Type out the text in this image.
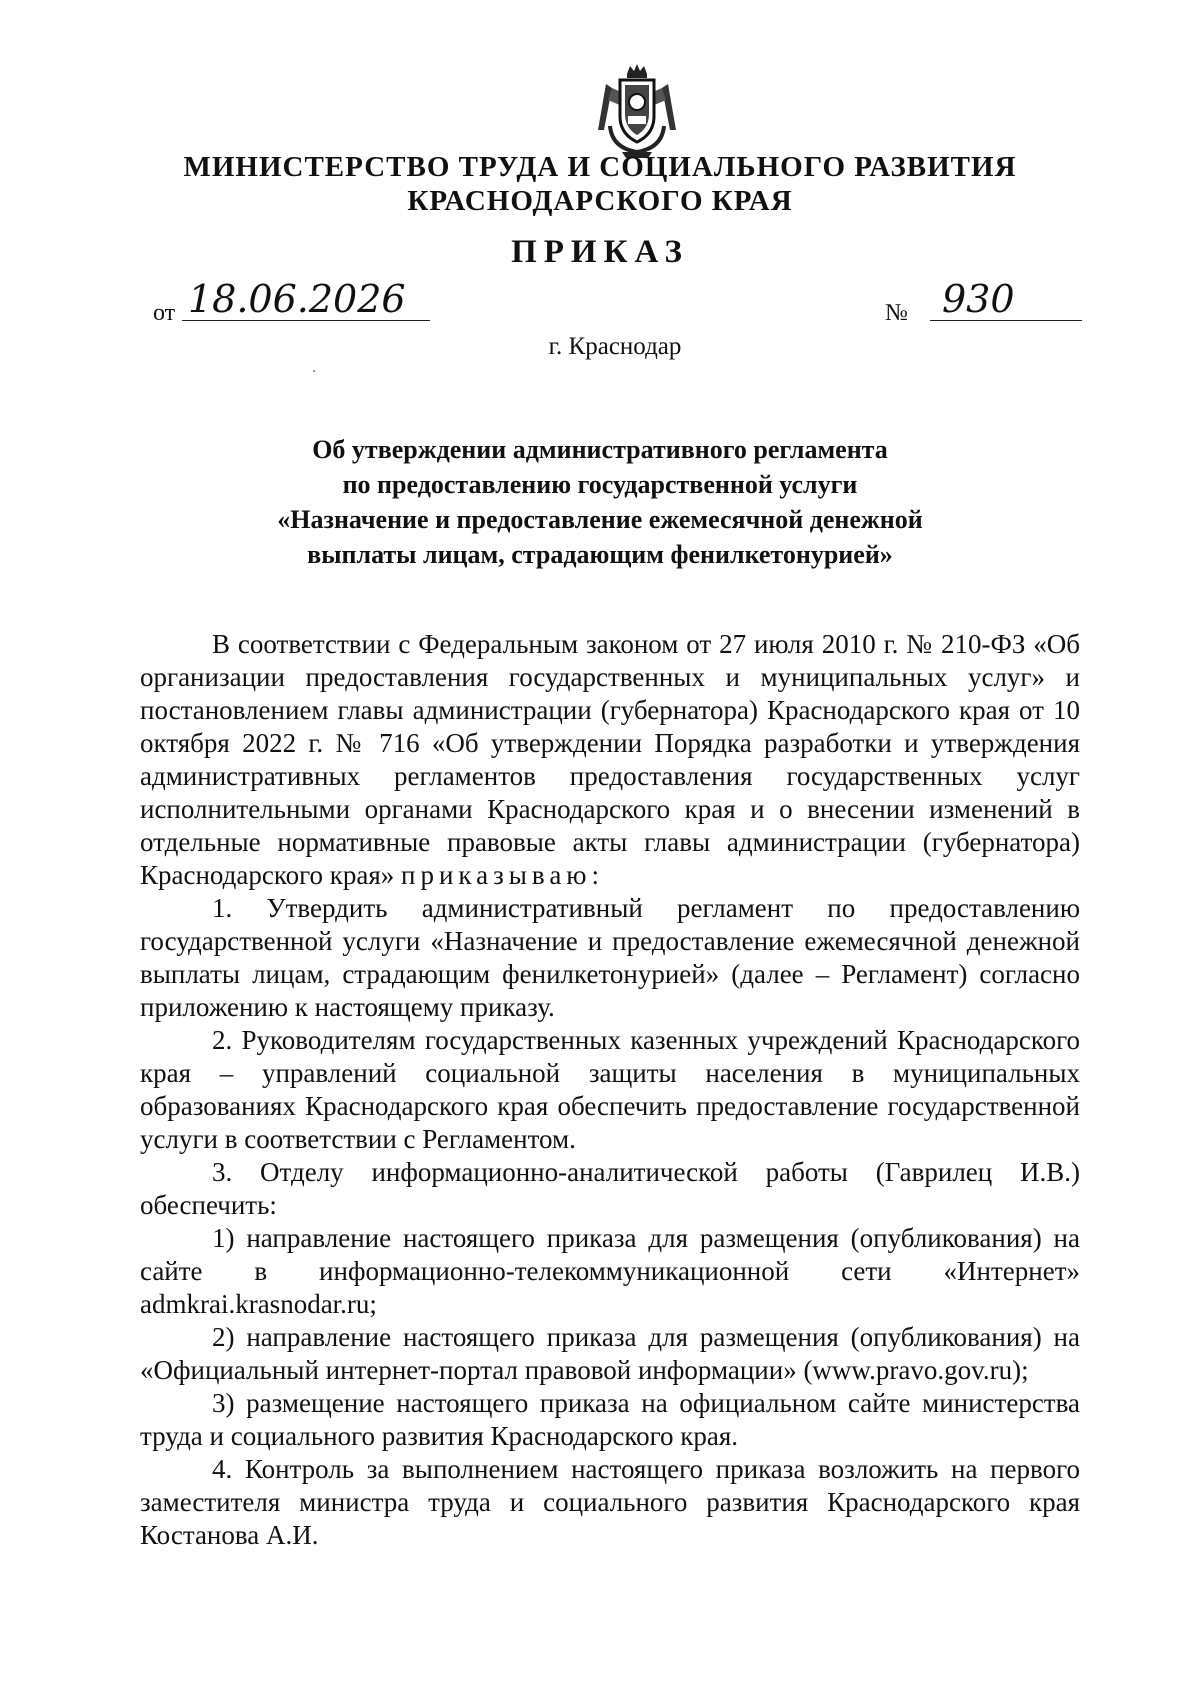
МИНИСТЕРСТВО ТРУДА И СОЦИАЛЬНОГО РАЗВИТИЯ
КРАСНОДАРСКОГО КРАЯ
ПРИКАЗ
от 18.06.2026	№ 930
г. Краснодар
Об утверждении административного регламента
по предоставлению государственной услуги
«Назначение и предоставление ежемесячной денежной
выплаты лицам, страдающим фенилкетонурией»

В соответствии с Федеральным законом от 27 июля 2010 г. № 210-ФЗ «Об организации предоставления государственных и муниципальных услуг» и постановлением главы администрации (губернатора) Краснодарского края от 10 октября 2022 г. № 716 «Об утверждении Порядка разработки и утверждения административных регламентов предоставления государственных услуг исполнительными органами Краснодарского края и о внесении изменений в отдельные нормативные правовые акты главы администрации (губернатора) Краснодарского края» приказываю:

1. Утвердить административный регламент по предоставлению государственной услуги «Назначение и предоставление ежемесячной денежной выплаты лицам, страдающим фенилкетонурией» (далее – Регламент) согласно приложению к настоящему приказу.

2. Руководителям государственных казенных учреждений Краснодарского края – управлений социальной защиты населения в муниципальных образованиях Краснодарского края обеспечить предоставление государственной услуги в соответствии с Регламентом.

3. Отделу информационно-аналитической работы (Гаврилец И.В.) обеспечить:

1) направление настоящего приказа для размещения (опубликования) на сайте в информационно-телекоммуникационной сети «Интернет» admkrai.krasnodar.ru;

2) направление настоящего приказа для размещения (опубликования) на «Официальный интернет-портал правовой информации» (www.pravo.gov.ru);

3) размещение настоящего приказа на официальном сайте министерства труда и социального развития Краснодарского края.

4. Контроль за выполнением настоящего приказа возложить на первого заместителя министра труда и социального развития Краснодарского края Костанова А.И.
